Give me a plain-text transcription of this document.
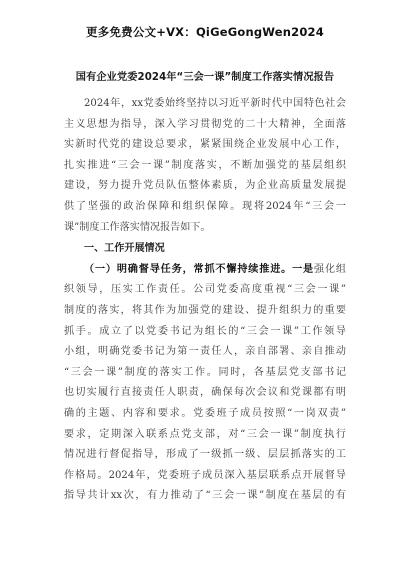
更多免费公文+VX：QiGeGongWen2024
国有企业党委2024年“三会一课”制度工作落实情况报告
2024年，xx党委始终坚持以习近平新时代中国特色社会
主义思想为指导，深入学习贯彻党的二十大精神，全面落
实新时代党的建设总要求，紧紧围绕企业发展中心工作，
扎实推进“三会一课”制度落实，不断加强党的基层组织
建设，努力提升党员队伍整体素质，为企业高质量发展提
供了坚强的政治保障和组织保障。现将2024年“三会一
课”制度工作落实情况报告如下。
一、工作开展情况
（一）明确督导任务，常抓不懈持续推进。一是强化组
织领导，压实工作责任。公司党委高度重视“三会一课”
制度的落实，将其作为加强党的建设、提升组织力的重要
抓手。成立了以党委书记为组长的“三会一课”工作领导
小组，明确党委书记为第一责任人，亲自部署、亲自推动
“三会一课”制度的落实工作。同时，各基层党支部书记
也切实履行直接责任人职责，确保每次会议和党课都有明
确的主题、内容和要求。党委班子成员按照“一岗双责”
要求，定期深入联系点党支部，对“三会一课”制度执行
情况进行督促指导，形成了一级抓一级、层层抓落实的工
作格局。2024年，党委班子成员深入基层联系点开展督导
指导共计xx次，有力推动了“三会一课”制度在基层的有
